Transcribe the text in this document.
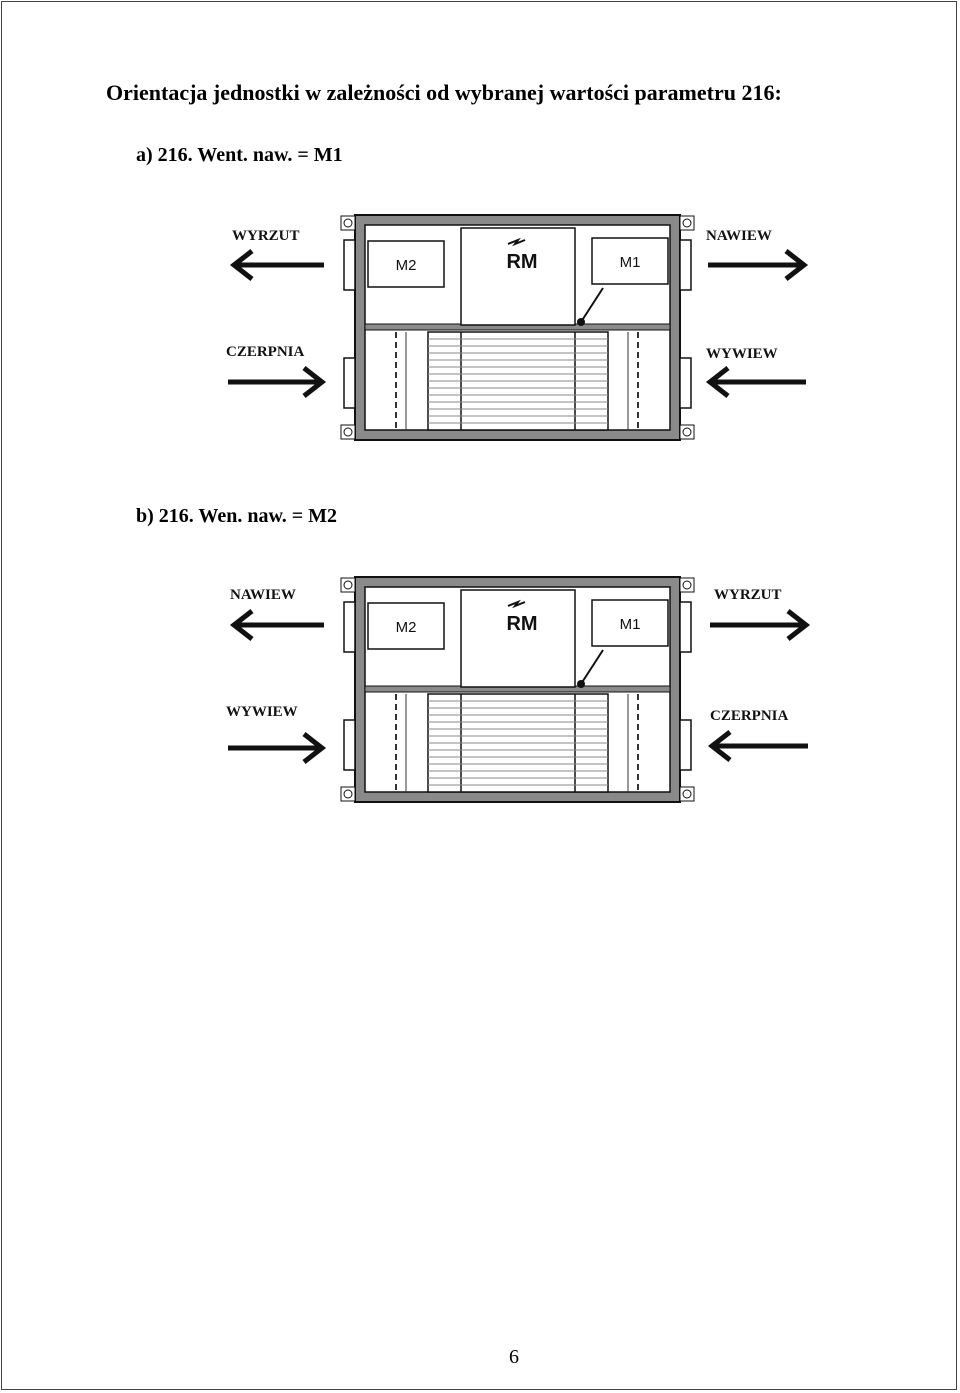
Orientacja jednostki w zależności od wybranej wartości parametru 216:
a) 216. Went. naw. = M1
M2	RM	M1
WYRZUT	NAWIEW
CZERPNIA	WYWIEW
b) 216. Wen. naw. = M2
M2	RM	M1
NAWIEW	WYRZUT
WYWIEW	CZERPNIA
6
